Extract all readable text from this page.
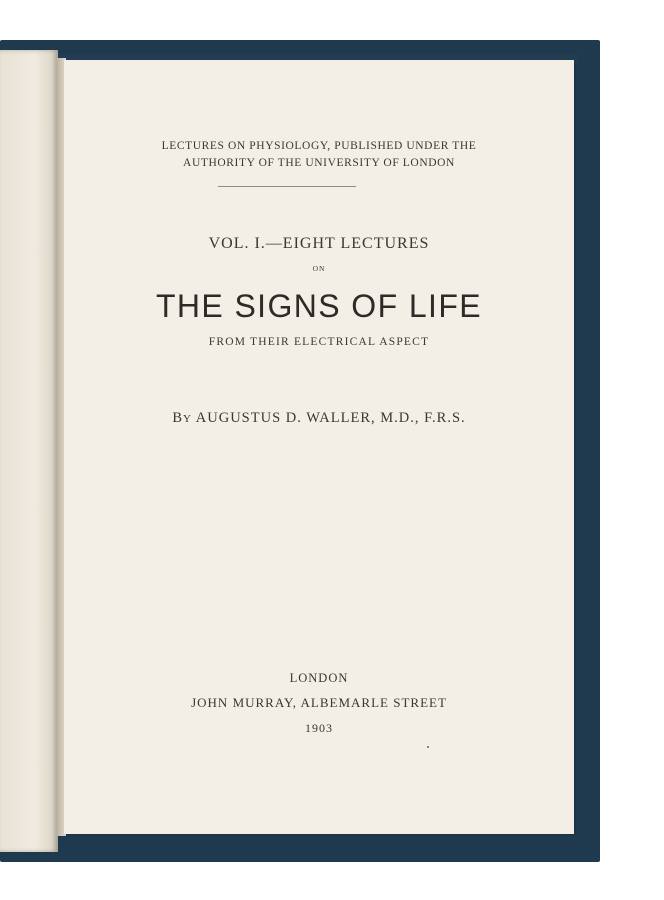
LECTURES ON PHYSIOLOGY, PUBLISHED UNDER THE
AUTHORITY OF THE UNIVERSITY OF LONDON
VOL. I.—EIGHT LECTURES
ON
THE SIGNS OF LIFE
FROM THEIR ELECTRICAL ASPECT
BY AUGUSTUS D. WALLER, M.D., F.R.S.
LONDON
JOHN MURRAY, ALBEMARLE STREET
1903
